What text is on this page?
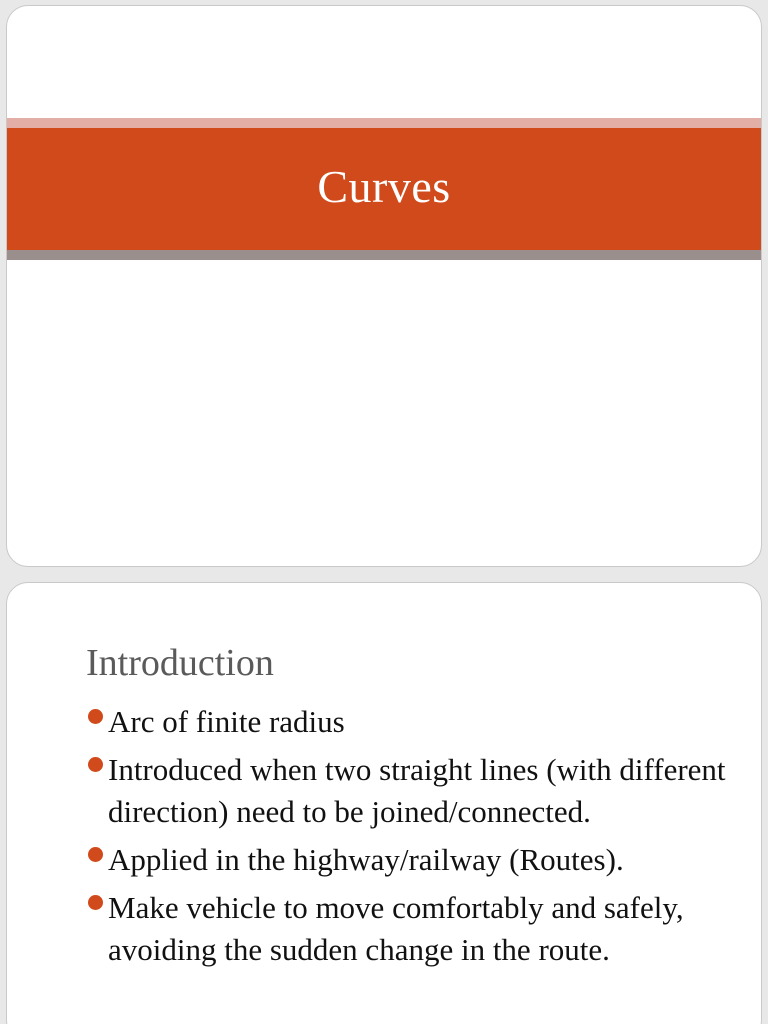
Curves
Introduction
Arc of finite radius
Introduced when two straight lines (with different direction) need to be joined/connected.
Applied in the highway/railway (Routes).
Make vehicle to move comfortably and safely, avoiding the sudden change in the route.
